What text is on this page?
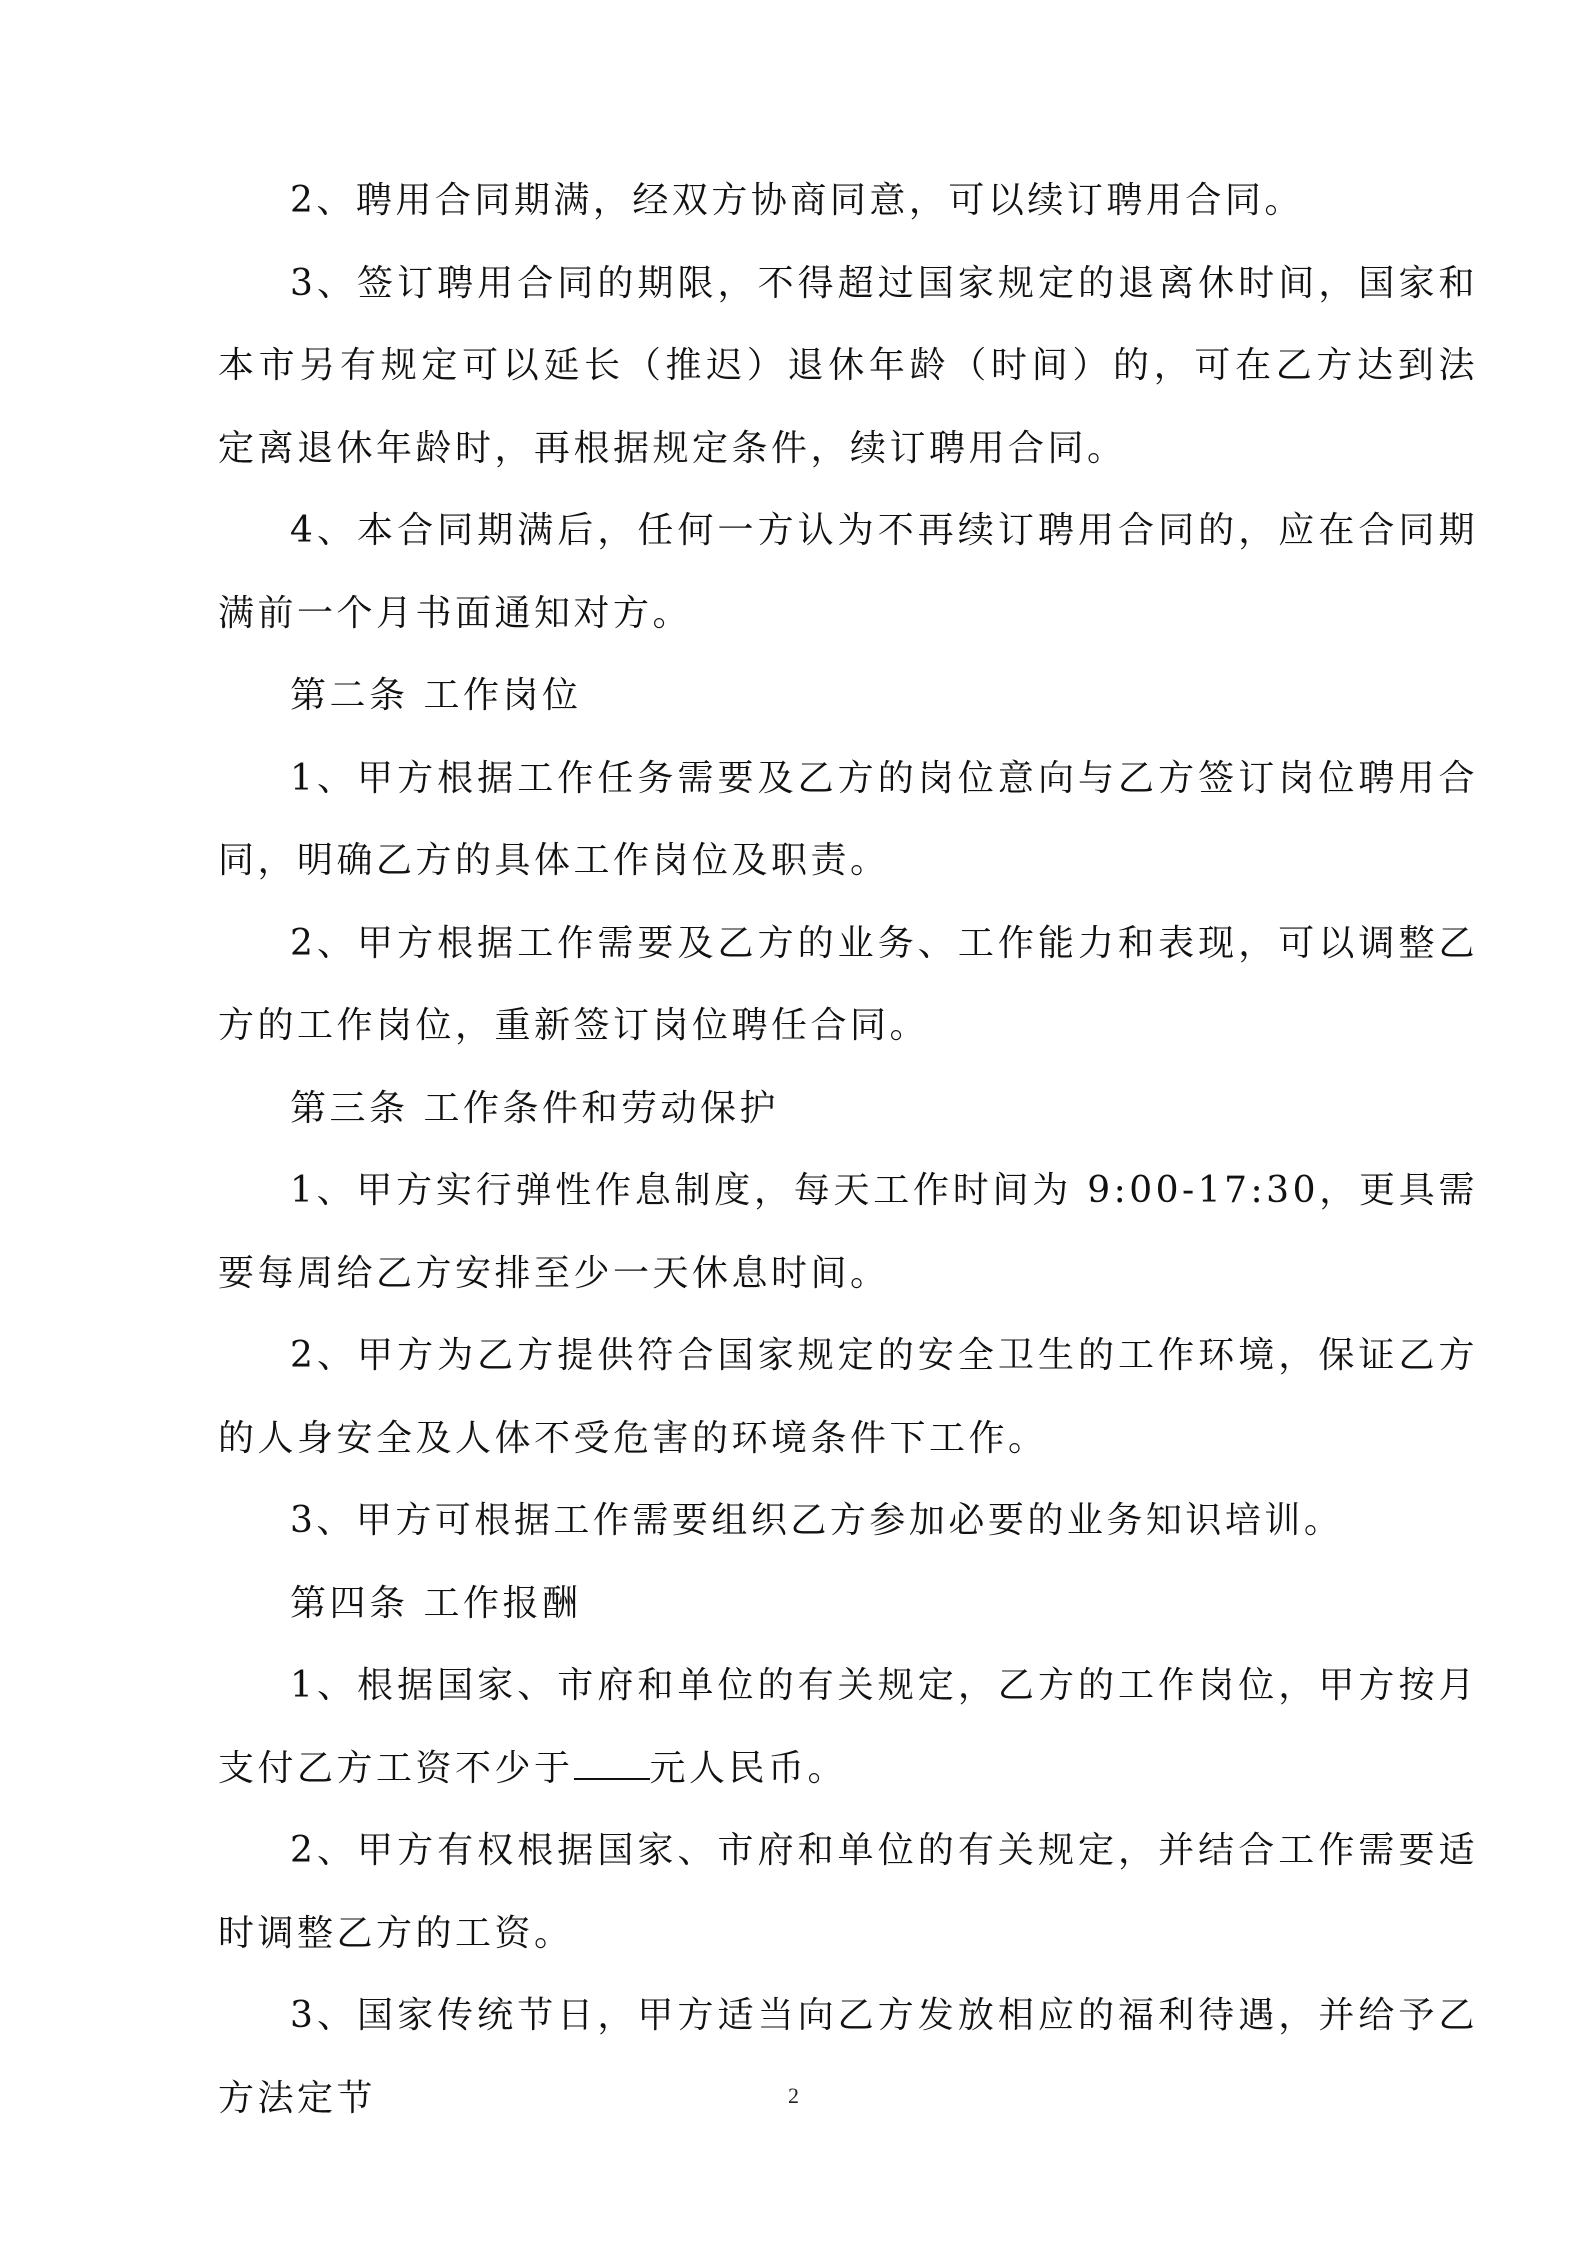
2、聘用合同期满，经双方协商同意，可以续订聘用合同。

3、签订聘用合同的期限，不得超过国家规定的退离休时间，国家和本市另有规定可以延长（推迟）退休年龄（时间）的，可在乙方达到法定离退休年龄时，再根据规定条件，续订聘用合同。

4、本合同期满后，任何一方认为不再续订聘用合同的，应在合同期满前一个月书面通知对方。

第二条 工作岗位

1、甲方根据工作任务需要及乙方的岗位意向与乙方签订岗位聘用合同，明确乙方的具体工作岗位及职责。

2、甲方根据工作需要及乙方的业务、工作能力和表现，可以调整乙方的工作岗位，重新签订岗位聘任合同。

第三条 工作条件和劳动保护

1、甲方实行弹性作息制度，每天工作时间为 9:00-17:30，更具需要每周给乙方安排至少一天休息时间。

2、甲方为乙方提供符合国家规定的安全卫生的工作环境，保证乙方的人身安全及人体不受危害的环境条件下工作。

3、甲方可根据工作需要组织乙方参加必要的业务知识培训。

第四条 工作报酬

1、根据国家、市府和单位的有关规定，乙方的工作岗位，甲方按月支付乙方工资不少于 元人民币。

2、甲方有权根据国家、市府和单位的有关规定，并结合工作需要适时调整乙方的工资。

3、国家传统节日，甲方适当向乙方发放相应的福利待遇，并给予乙方法定节	2
